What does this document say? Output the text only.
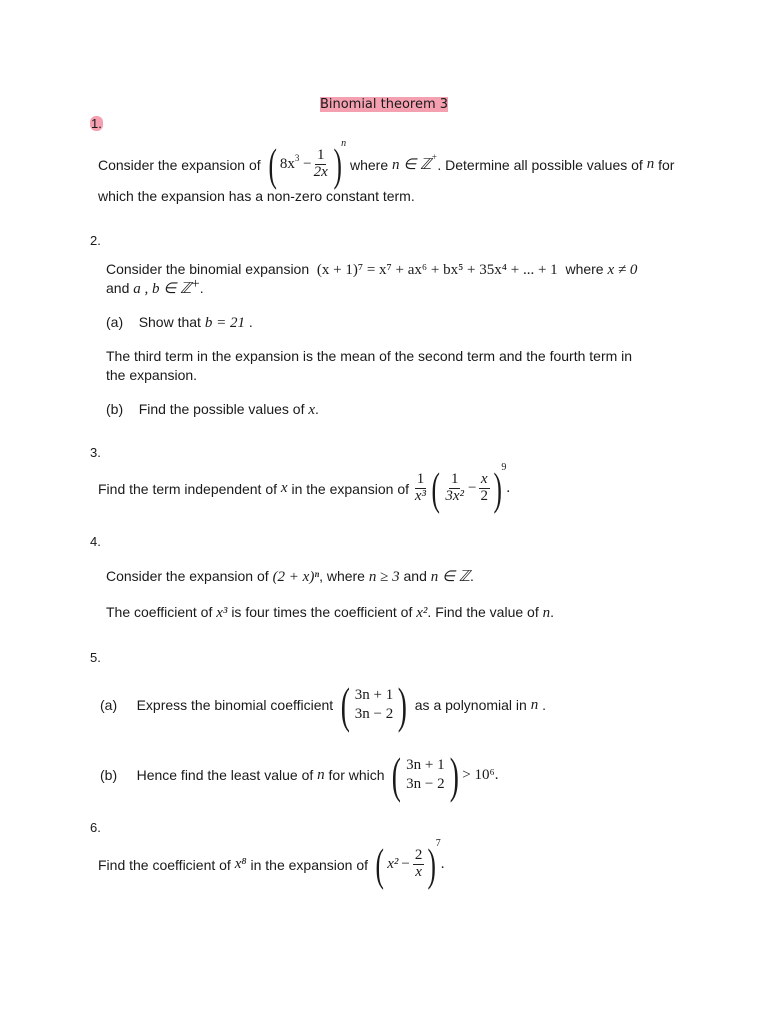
Binomial theorem 3
1.
Consider the expansion of
( $8x^3 - \frac{1}{2x}$ ) n

where
n ∈ ℤ+ . Determine all possible values of
n
for
which the expansion has a non-zero constant term.
2.
Consider the binomial expansion (x + 1)⁷ = x⁷ + ax⁶ + bx⁵ + 35x⁴ + ... + 1 where x ≠ 0
and a , b ∈ ℤ+.
(a) Show that b = 21 .
The third term in the expansion is the mean of the second term and the fourth term in
the expansion.
(b) Find the possible values of x.
3.
Find the term independent of
x
in the expansion of
$\frac{1}{\text{x³}}$ ( $\frac{1}{\text{3x²}} - \frac{x}{2}$ ) 9
.
4.
Consider the expansion of (2 + x)ⁿ, where n ≥ 3 and n ∈ ℤ.
The coefficient of x³ is four times the coefficient of x². Find the value of n.
5.
(a)
Express the binomial coefficient
( 3n + 1
3n − 2 )
as a polynomial in
n
.
(b)
Hence find the least value of
n
for which
( 3n + 1
3n − 2 ) > 10⁶ .
6.
Find the coefficient of
x⁸
in the expansion of
( $x^2 - \frac{2}{x}$ ) 7
.
